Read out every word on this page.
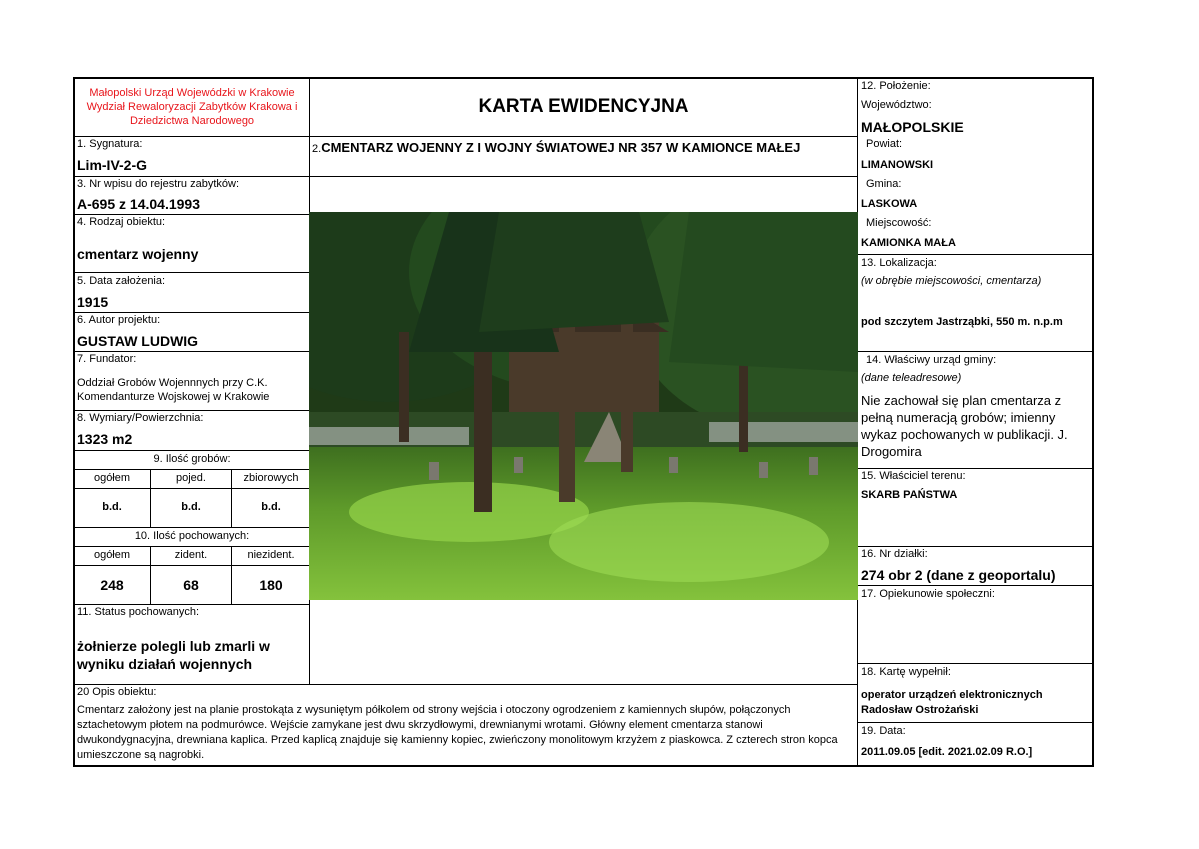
Małopolski Urząd Wojewódzki w Krakowie
Wydział Rewaloryzacji Zabytków Krakowa i
Dziedzictwa Narodowego
1. Sygnatura:
Lim-IV-2-G
3. Nr wpisu do rejestru zabytków:
A-695 z 14.04.1993
4. Rodzaj obiektu:
cmentarz wojenny
5. Data założenia:
1915
6. Autor projektu:
GUSTAW LUDWIG
7. Fundator:
Oddział Grobów Wojennnych przy C.K.
Komendanturze Wojskowej w Krakowie
8. Wymiary/Powierzchnia:
1323 m2
9. Ilość grobów:
ogółem	pojed.	zbiorowych
b.d.	b.d.	b.d.
10. Ilość pochowanych:
ogółem	zident.	niezident.
248	68	180
11. Status pochowanych:
żołnierze polegli lub zmarli w
wyniku działań wojennych
KARTA EWIDENCYJNA
2.CMENTARZ WOJENNY Z I WOJNY ŚWIATOWEJ NR 357 W KAMIONCE MAŁEJ
12. Położenie:
Województwo:
MAŁOPOLSKIE
Powiat:
LIMANOWSKI
Gmina:
LASKOWA
Miejscowość:
KAMIONKA MAŁA
13. Lokalizacja:
(w obrębie miejscowości, cmentarza)
pod szczytem Jastrząbki, 550 m. n.p.m
14. Właściwy urząd gminy:
(dane teleadresowe)
Nie zachował się plan cmentarza z
pełną numeracją grobów; imienny
wykaz pochowanych w publikacji. J.
Drogomira
15. Właściciel terenu:
SKARB PAŃSTWA
16. Nr działki:
274 obr 2 (dane z geoportalu)
17. Opiekunowie społeczni:
18. Kartę wypełnił:
operator urządzeń elektronicznych
Radosław Ostrożański
19. Data:
2011.09.05 [edit. 2021.02.09 R.O.]
20 Opis obiektu:
Cmentarz założony jest na planie prostokąta z wysuniętym półkolem od strony wejścia i otoczony ogrodzeniem z kamiennych słupów, połączonych sztachetowym płotem na podmurówce. Wejście zamykane jest dwu skrzydłowymi, drewnianymi wrotami. Główny element cmentarza stanowi dwukondygnacyjna, drewniana kaplica. Przed kaplicą znajduje się kamienny kopiec, zwieńczony monolitowym krzyżem z piaskowca. Z czterech stron kopca umieszczone są nagrobki.
